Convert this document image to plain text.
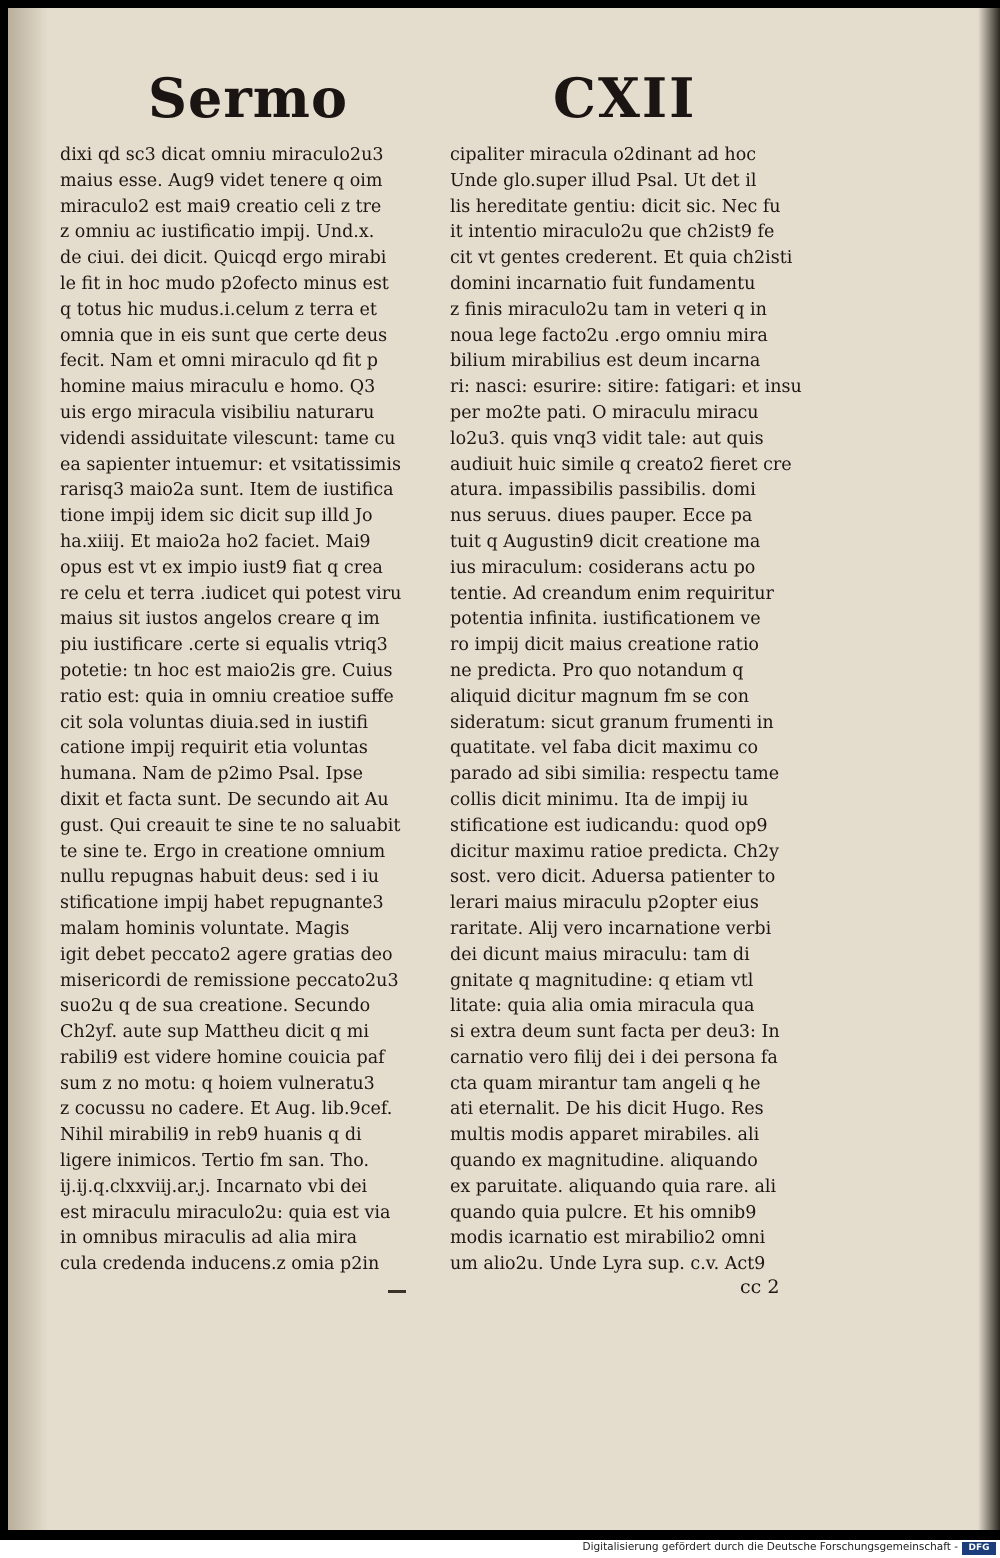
Sermo	CXII
dixi qd sc3 dicat omniu miraculo2u3
maius esse. Aug9 videt tenere q oim
miraculo2 est mai9 creatio celi z tre
z omniu ac iustificatio impij. Und.x.
de ciui. dei dicit. Quicqd ergo mirabi
le fit in hoc mudo p2ofecto minus est
q totus hic mudus.i.celum z terra et
omnia que in eis sunt que certe deus
fecit. Nam et omni miraculo qd fit p
homine maius miraculu e homo. Q3
uis ergo miracula visibiliu naturaru
videndi assiduitate vilescunt: tame cu
ea sapienter intuemur: et vsitatissimis
rarisq3 maio2a sunt. Item de iustifica
tione impij idem sic dicit sup illd Jo
ha.xiiij. Et maio2a ho2 faciet. Mai9
opus est vt ex impio iust9 fiat q crea
re celu et terra .iudicet qui potest viru
maius sit iustos angelos creare q im
piu iustificare .certe si equalis vtriq3
potetie: tn hoc est maio2is gre. Cuius
ratio est: quia in omniu creatioe suffe
cit sola voluntas diuia.sed in iustifi
catione impij requirit etia voluntas
humana. Nam de p2imo Psal. Ipse
dixit et facta sunt. De secundo ait Au
gust. Qui creauit te sine te no saluabit
te sine te. Ergo in creatione omnium
nullu repugnas habuit deus: sed i iu
stificatione impij habet repugnante3
malam hominis voluntate. Magis
igit debet peccato2 agere gratias deo
misericordi de remissione peccato2u3
suo2u q de sua creatione. Secundo
Ch2yf. aute sup Mattheu dicit q mi
rabili9 est videre homine couicia paf
sum z no motu: q hoiem vulneratu3
z cocussu no cadere. Et Aug. lib.9cef.
Nihil mirabili9 in reb9 huanis q di
ligere inimicos. Tertio fm san. Tho.
ij.ij.q.clxxviij.ar.j. Incarnato vbi dei
est miraculu miraculo2u: quia est via
in omnibus miraculis ad alia mira
cula credenda inducens.z omia p2in
cipaliter miracula o2dinant ad hoc
Unde glo.super illud Psal. Ut det il
lis hereditate gentiu: dicit sic. Nec fu
it intentio miraculo2u que ch2ist9 fe
cit vt gentes crederent. Et quia ch2isti
domini incarnatio fuit fundamentu
z finis miraculo2u tam in veteri q in
noua lege facto2u .ergo omniu mira
bilium mirabilius est deum incarna
ri: nasci: esurire: sitire: fatigari: et insu
per mo2te pati. O miraculu miracu
lo2u3. quis vnq3 vidit tale: aut quis
audiuit huic simile q creato2 fieret cre
atura. impassibilis passibilis. domi
nus seruus. diues pauper. Ecce pa
tuit q Augustin9 dicit creatione ma
ius miraculum: cosiderans actu po
tentie. Ad creandum enim requiritur
potentia infinita. iustificationem ve
ro impij dicit maius creatione ratio
ne predicta. Pro quo notandum q
aliquid dicitur magnum fm se con
sideratum: sicut granum frumenti in
quatitate. vel faba dicit maximu co
parado ad sibi similia: respectu tame
collis dicit minimu. Ita de impij iu
stificatione est iudicandu: quod op9
dicitur maximu ratioe predicta. Ch2y
sost. vero dicit. Aduersa patienter to
lerari maius miraculu p2opter eius
raritate. Alij vero incarnatione verbi
dei dicunt maius miraculu: tam di
gnitate q magnitudine: q etiam vtl
litate: quia alia omia miracula qua
si extra deum sunt facta per deu3: In
carnatio vero filij dei i dei persona fa
cta quam mirantur tam angeli q he
ati eternalit. De his dicit Hugo. Res
multis modis apparet mirabiles. ali
quando ex magnitudine. aliquando
ex paruitate. aliquando quia rare. ali
quando quia pulcre. Et his omnib9
modis icarnatio est mirabilio2 omni
um alio2u. Unde Lyra sup. c.v. Act9
cc 2
Digitalisierung gefördert durch die Deutsche Forschungsgemeinschaft -	DFG
